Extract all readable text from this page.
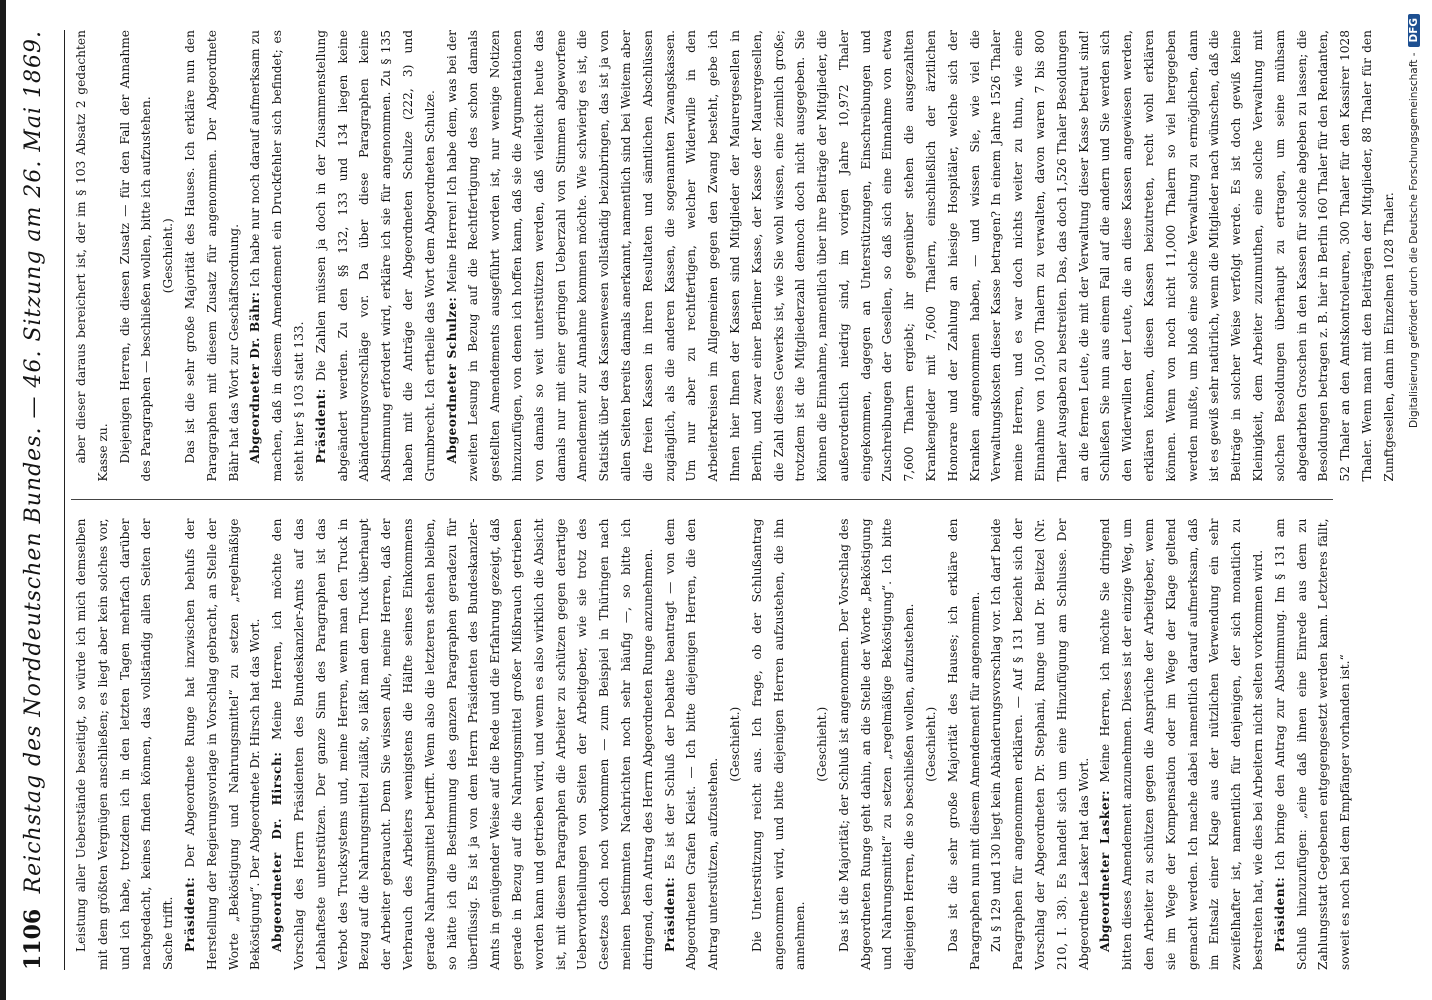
1106
Reichstag des Norddeutschen Bundes. — 46. Sitzung am 26. Mai 1869. Leistung aller Ueberstände beseitigt, so würde ich mich demselben mit dem größten Vergnügen anschließen; es liegt aber kein solches vor, und ich habe, trotzdem ich in den letzten Tagen mehrfach darüber nachgedacht, keines finden können, das vollständig allen Seiten der Sache trifft. Präsident: Der Abgeordnete Runge hat inzwischen behufs der Herstellung der Regierungsvorlage in Vorschlag gebracht, an Stelle der Worte „Beköstigung und Nahrungsmittel“ zu setzen „regelmäßige Beköstigung“. Der Abgeordnete Dr. Hirsch hat das Wort. Abgeordneter Dr. Hirsch: Meine Herren, ich möchte den Vorschlag des Herrn Präsidenten des Bundeskanzler-Amts auf das Lebhafteste unterstützen. Der ganze Sinn des Paragraphen ist das Verbot des Trucksystems und, meine Herren, wenn man den Truck in Bezug auf die Nahrungsmittel zuläßt, so läßt man dem Truck überhaupt der Arbeiter gebraucht. Denn Sie wissen Alle, meine Herren, daß der Verbrauch des Arbeiters wenigstens die Hälfte seines Einkommens gerade Nahrungsmittel betrifft. Wenn also die letzteren stehen bleiben, so hätte ich die Bestimmung des ganzen Paragraphen geradezu für überflüssig. Es ist ja von dem Herrn Präsidenten des Bundeskanzler-Amts in genügender Weise auf die Rede und die Erfahrung gezeigt, daß gerade in Bezug auf die Nahrungsmittel großer Mißbrauch getrieben worden kann und getrieben wird, und wenn es also wirklich die Absicht ist, mit diesem Paragraphen die Arbeiter zu schützen gegen derartige Uebervortheilungen von Seiten der Arbeitgeber, wie sie trotz des Gesetzes doch noch vorkommen — zum Beispiel in Thüringen nach meinen bestimmten Nachrichten noch sehr häufig —, so bitte ich dringend, den Antrag des Herrn Abgeordneten Runge anzunehmen. Präsident: Es ist der Schluß der Debatte beantragt — von dem Abgeordneten Grafen Kleist. — Ich bitte diejenigen Herren, die den Antrag unterstützen, aufzustehen.

(Geschieht.) Die Unterstützung reicht aus. Ich frage, ob der Schlußantrag angenommen wird, und bitte diejenigen Herren aufzustehen, die ihn annehmen.

(Geschieht.) Das ist die Majorität; der Schluß ist angenommen. Der Vorschlag des Abgeordneten Runge geht dahin, an die Stelle der Worte „Beköstigung und Nahrungsmittel“ zu setzen „regelmäßige Beköstigung“. Ich bitte diejenigen Herren, die so beschließen wollen, aufzustehen. (Geschieht.) Das ist die sehr große Majorität des Hauses; ich erkläre den Paragraphen nun mit diesem Amendement für angenommen. Zu § 129 und 130 liegt kein Abänderungsvorschlag vor. Ich darf beide Paragraphen für angenommen erklären. — Auf § 131 bezieht sich der Vorschlag der Abgeordneten Dr. Stephani, Runge und Dr. Beitzel (Nr. 210, I. 38). Es handelt sich um eine Hinzufügung am Schlusse. Der Abgeordnete Lasker hat das Wort. Abgeordneter Lasker: Meine Herren, ich möchte Sie dringend bitten dieses Amendement anzunehmen. Dieses ist der einzige Weg, um den Arbeiter zu schützen gegen die Ansprüche der Arbeitgeber, wenn sie im Wege der Kompensation oder im Wege der Klage geltend gemacht werden. Ich mache dabei namentlich darauf aufmerksam, daß im Entsalz einer Klage aus der nützlichen Verwendung ein sehr zweifelhafter ist, namentlich für denjenigen, der sich monatlich zu bestreiten hat, wie dies bei Arbeitern nicht selten vorkommen wird. Präsident: Ich bringe den Antrag zur Abstimmung. Im § 131 am Schluß hinzuzufügen: „eine daß ihnen eine Einrede aus dem zu Zahlungsstatt Gegebenen entgegengesetzt werden kann. Letzteres fällt, soweit es noch bei dem Empfänger vorhanden ist.“

aber dieser daraus bereichert ist, der im § 103 Absatz 2 gedachten Kasse zu. Diejenigen Herren, die diesen Zusatz — für den Fall der Annahme des Paragraphen — beschließen wollen, bitte ich aufzustehen. (Geschieht.) Das ist die sehr große Majorität des Hauses. Ich erkläre nun den Paragraphen mit diesem Zusatz für angenommen. Der Abgeordnete Bähr hat das Wort zur Geschäftsordnung. Abgeordneter Dr. Bähr: Ich habe nur noch darauf aufmerksam zu machen, daß in diesem Amendement ein Druckfehler sich befindet; es steht hier § 103 statt 133. Präsident: Die Zahlen müssen ja doch in der Zusammenstellung abgeändert werden. Zu den §§ 132, 133 und 134 liegen keine Abänderungsvorschläge vor. Da über diese Paragraphen keine Abstimmung erfordert wird, erkläre ich sie für angenommen. Zu § 135 haben mit die Anträge der Abgeordneten Schulze (222, 3) und Grumbrecht. Ich ertheile das Wort dem Abgeordneten Schulze. Abgeordneter Schulze: Meine Herren! Ich habe dem, was bei der zweiten Lesung in Bezug auf die Rechtfertigung des schon damals gestellten Amendements ausgeführt worden ist, nur wenige Notizen hinzuzufügen, von denen ich hoffen kann, daß sie die Argumentationen von damals so weit unterstützen werden, daß vielleicht heute das damals nur mit einer geringen Ueberzahl von Stimmen abgeworfene Amendement zur Annahme kommen möchte. Wie schwierig es ist, die Statistik über das Kassenwesen vollständig beizubringen, das ist ja von allen Seiten bereits damals anerkannt, namentlich sind bei Weitem aber die freien Kassen in ihren Resultaten und sämtlichen Abschlüssen zugänglich, als die anderen Kassen, die sogenannten Zwangskassen. Um nur aber zu rechtfertigen, welcher Widerwille in den Arbeiterkreisen im Allgemeinen gegen den Zwang besteht, gebe ich Ihnen hier Ihnen der Kassen sind Mitglieder der Maurergesellen in Berlin, und zwar einer Berliner Kasse, der Kasse der Maurergesellen, die Zahl dieses Gewerks ist, wie Sie wohl wissen, eine ziemlich große; trotzdem ist die Mitgliederzahl dennoch doch nicht ausgegeben. Sie können die Einnahme, namentlich über ihre Beiträge der Mitglieder, die außerordentlich niedrig sind, im vorigen Jahre 10,972 Thaler eingekommen, dagegen an Unterstützungen, Einschreibungen und Zuschreibungen der Gesellen, so daß sich eine Einnahme von etwa 7,600 Thalern ergiebt; ihr gegenüber stehen die ausgezahlten Krankengelder mit 7,600 Thalern, einschließlich der ärztlichen Honorare und der Zahlung an hiesige Hospitäler, welche sich der Kranken angenommen haben, — und wissen Sie, wie viel die Verwaltungskosten dieser Kasse betragen? In einem Jahre 1526 Thaler meine Herren, und es war doch nichts weiter zu thun, wie eine Einnahme von 10,500 Thalern zu verwalten, davon waren 7 bis 800 Thaler Ausgaben zu bestreiten. Das, das doch 1,526 Thaler Besoldungen an die fernen Leute, die mit der Verwaltung dieser Kasse betraut sind! Schließen Sie nun aus einem Fall auf die andern und Sie werden sich den Widerwillen der Leute, die an diese Kassen angewiesen werden, erklären können, diesen Kassen beizutreten, recht wohl erklären können. Wenn von noch nicht 11,000 Thalern so viel hergegeben werden mußte, um bloß eine solche Verwaltung zu ermöglichen, dann ist es gewiß sehr natürlich, wenn die Mitglieder nach wünschen, daß die Beiträge in solcher Weise verfolgt werde. Es ist doch gewiß keine Kleinigkeit, dem Arbeiter zuzumuthen, eine solche Verwaltung mit solchen Besoldungen überhaupt zu ertragen, um seine mühsam abgedarbten Groschen in den Kassen für solche abgeben zu lassen; die Besoldungen betragen z. B. hier in Berlin 160 Thaler für den Rendanten, 52 Thaler an den Amtskontroleuren, 300 Thaler für den Kassirer 1028 Thaler. Wenn man mit den Beiträgen der Mitglieder, 88 Thaler für den Zunftgesellen, dann im Einzelnen 1028 Thaler.	Digitalisierung gefördert durch die Deutsche Forschungsgemeinschaft -DFG
